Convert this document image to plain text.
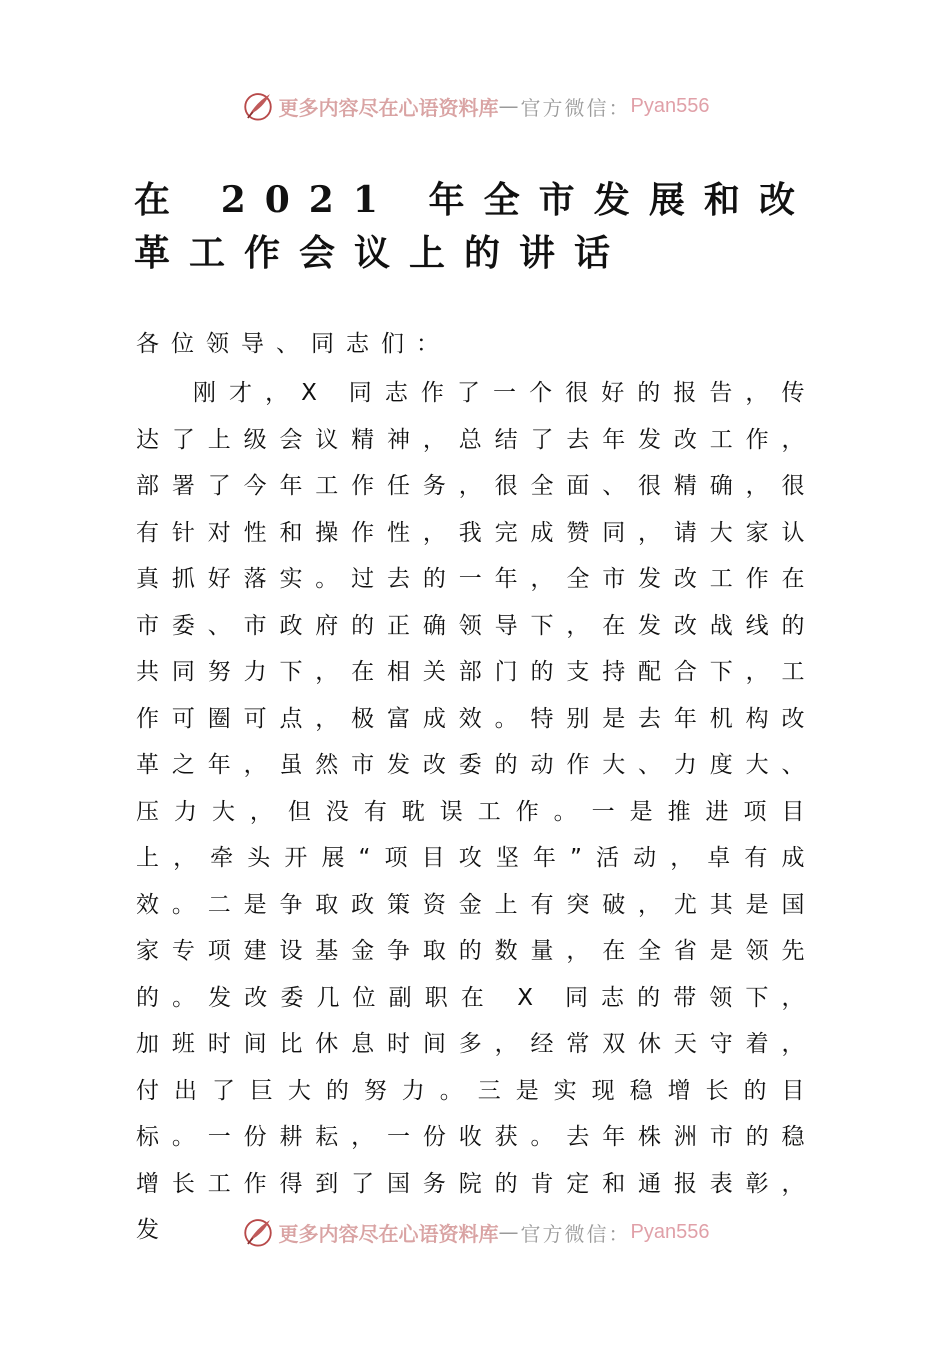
更多内容尽在心语资料库 — 官方微信： Pyan556
在 2021 年全市发展和改革工作会议上的讲话

各位领导、同志们：

刚才，X 同志作了一个很好的报告，传达了上级会议精神，总结了去年发改工作，部署了今年工作任务，很全面、很精确，很有针对性和操作性，我完成赞同，请大家认真抓好落实。过去的一年，全市发改工作在市委、市政府的正确领导下，在发改战线的共同努力下，在相关部门的支持配合下，工作可圈可点，极富成效。特别是去年机构改革之年，虽然市发改委的动作大、力度大、压力大，但没有耽误工作。一是推进项目上，牵头开展“项目攻坚年”活动，卓有成效。二是争取政策资金上有突破，尤其是国家专项建设基金争取的数量，在全省是领先的。发改委几位副职在 X 同志的带领下，加班时间比休息时间多，经常双休天守着，付出了巨大的努力。三是实现稳增长的目标。一份耕耘，一份收获。去年株洲市的稳增长工作得到了国务院的肯定和通报表彰，发	更多内容尽在心语资料库 — 官方微信： Pyan556
